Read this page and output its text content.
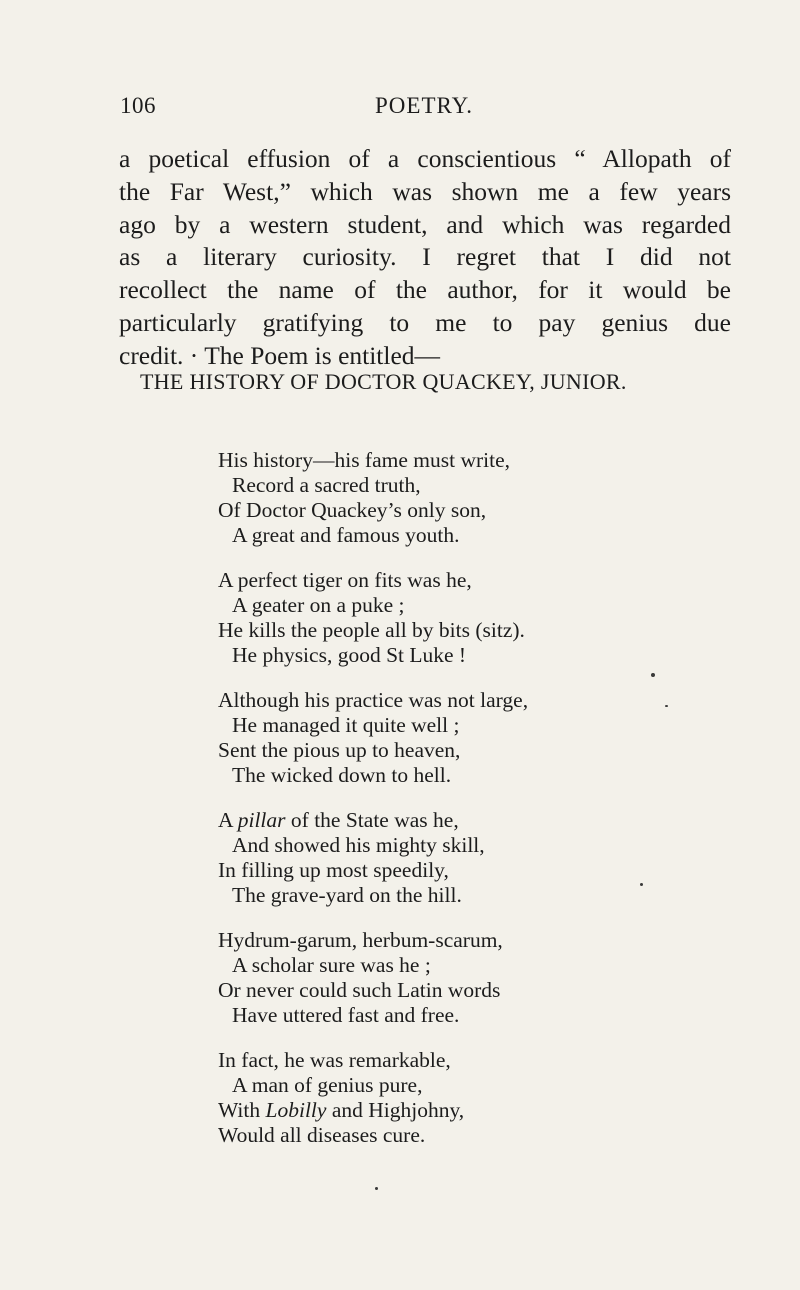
106	POETRY.
a poetical effusion of a conscientious “ Allopath of
the Far West,” which was shown me a few years
ago by a western student, and which was regarded
as a literary curiosity. I regret that I did not
recollect the name of the author, for it would be
particularly gratifying to me to pay genius due
credit. · The Poem is entitled—
THE HISTORY OF DOCTOR QUACKEY, JUNIOR.
His history—his fame must write,
Record a sacred truth,
Of Doctor Quackey’s only son,
A great and famous youth.
A perfect tiger on fits was he,
A geater on a puke ;
He kills the people all by bits (sitz).
He physics, good St Luke !
Although his practice was not large,
He managed it quite well ;
Sent the pious up to heaven,
The wicked down to hell.
A pillar of the State was he,
And showed his mighty skill,
In filling up most speedily,
The grave-yard on the hill.
Hydrum-garum, herbum-scarum,
A scholar sure was he ;
Or never could such Latin words
Have uttered fast and free.
In fact, he was remarkable,
A man of genius pure,
With Lobilly and Highjohny,
Would all diseases cure.
